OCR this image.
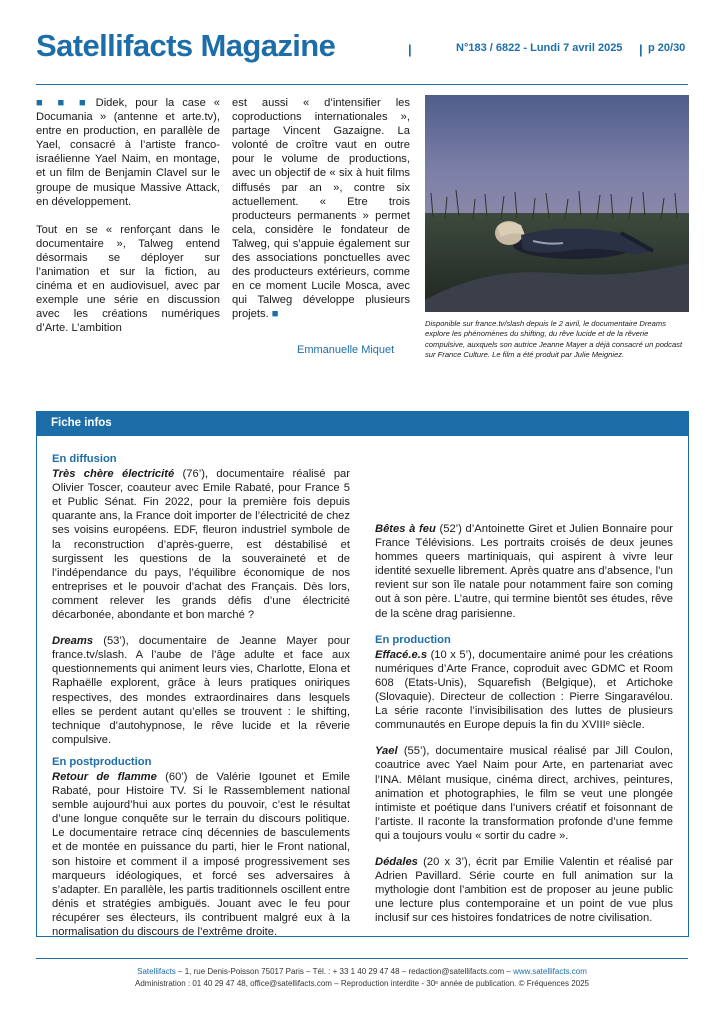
Satellifacts Magazine	|	N°183 / 6822 - Lundi 7 avril 2025 | p 20/30

■ ■ ■ Didek, pour la case « Documania » (antenne et arte.tv), entre en production, en parallèle de Yael, consacré à l’artiste franco-israélienne Yael Naim, en montage, et un film de Benjamin Clavel sur le groupe de musique Massive Attack, en développement.

Tout en se « renforçant dans le documentaire », Talweg entend désormais se déployer sur l’animation et sur la fiction, au cinéma et en audiovisuel, avec par exemple une série en discussion avec les créations numériques d’Arte. L’ambition

est aussi « d’intensifier les coproductions internationales », partage Vincent Gazaigne. La volonté de croître vaut en outre pour le volume de productions, avec un objectif de « six à huit films diffusés par an », contre six actuellement. « Etre trois producteurs permanents » permet cela, considère le fondateur de Talweg, qui s’appuie également sur des associations ponctuelles avec des producteurs extérieurs, comme en ce moment Lucile Mosca, avec qui Talweg développe plusieurs projets. ■

Emmanuelle Miquet
Disponible sur france.tv/slash depuis le 2 avril, le documentaire Dreams explore les phénomènes du shifting, du rêve lucide et de la rêverie compulsive, auxquels son autrice Jeanne Mayer a déjà consacré un podcast sur France Culture. Le film a été produit par Julie Meigniez.
Fiche infos
En diffusion

Très chère électricité (76’), documentaire réalisé par Olivier Toscer, coauteur avec Emile Rabaté, pour France 5 et Public Sénat. Fin 2022, pour la première fois depuis quarante ans, la France doit importer de l’électricité de chez ses voisins européens. EDF, fleuron industriel symbole de la reconstruction d’après-guerre, est déstabilisé et surgissent les questions de la souveraineté et de l’indépendance du pays, l’équilibre économique de nos entreprises et le pouvoir d’achat des Français. Dès lors, comment relever les grands défis d’une électricité décarbonée, abondante et bon marché ?

Dreams (53’), documentaire de Jeanne Mayer pour france.tv/slash. A l’aube de l’âge adulte et face aux questionnements qui animent leurs vies, Charlotte, Elona et Raphaëlle explorent, grâce à leurs pratiques oniriques respectives, des mondes extraordinaires dans lesquels elles se perdent autant qu’elles se trouvent : le shifting, technique d’autohypnose, le rêve lucide et la rêverie compulsive.

En postproduction

Retour de flamme (60’) de Valérie Igounet et Emile Rabaté, pour Histoire TV. Si le Rassemblement national semble aujourd’hui aux portes du pouvoir, c’est le résultat d’une longue conquête sur le terrain du discours politique. Le documentaire retrace cinq décennies de basculements et de montée en puissance du parti, hier le Front national, son histoire et comment il a imposé progressivement ses marqueurs idéologiques, et forcé ses adversaires à s’adapter. En parallèle, les partis traditionnels oscillent entre dénis et stratégies ambiguës. Jouant avec le feu pour récupérer ses électeurs, ils contribuent malgré eux à la normalisation du discours de l’extrême droite.

Bêtes à feu (52’) d’Antoinette Giret et Julien Bonnaire pour France Télévisions. Les portraits croisés de deux jeunes hommes queers martiniquais, qui aspirent à vivre leur identité sexuelle librement. Après quatre ans d’absence, l’un revient sur son île natale pour notamment faire son coming out à son père. L’autre, qui termine bientôt ses études, rêve de la scène drag parisienne.

En production

Effacé.e.s (10 x 5’), documentaire animé pour les créations numériques d’Arte France, coproduit avec GDMC et Room 608 (Etats-Unis), Squarefish (Belgique), et Artichoke (Slovaquie). Directeur de collection : Pierre Singaravélou. La série raconte l’invisibilisation des luttes de plusieurs communautés en Europe depuis la fin du XVIIIᵉ siècle.

Yael (55’), documentaire musical réalisé par Jill Coulon, coautrice avec Yael Naim pour Arte, en partenariat avec l’INA. Mêlant musique, cinéma direct, archives, peintures, animation et photographies, le film se veut une plongée intimiste et poétique dans l’univers créatif et foisonnant de l’artiste. Il raconte la transformation profonde d’une femme qui a toujours voulu « sortir du cadre ».

Dédales (20 x 3’), écrit par Emilie Valentin et réalisé par Adrien Pavillard. Série courte en full animation sur la mythologie dont l’ambition est de proposer au jeune public une lecture plus contemporaine et un point de vue plus inclusif sur ces histoires fondatrices de notre civilisation.

Satellifacts – 1, rue Denis-Poisson 75017 Paris – Tél. : + 33 1 40 29 47 48 – redaction@satellifacts.com – www.satellifacts.com
Administration : 01 40 29 47 48, office@satellifacts.com – Reproduction interdite - 30ᵉ année de publication. © Fréquences 2025
